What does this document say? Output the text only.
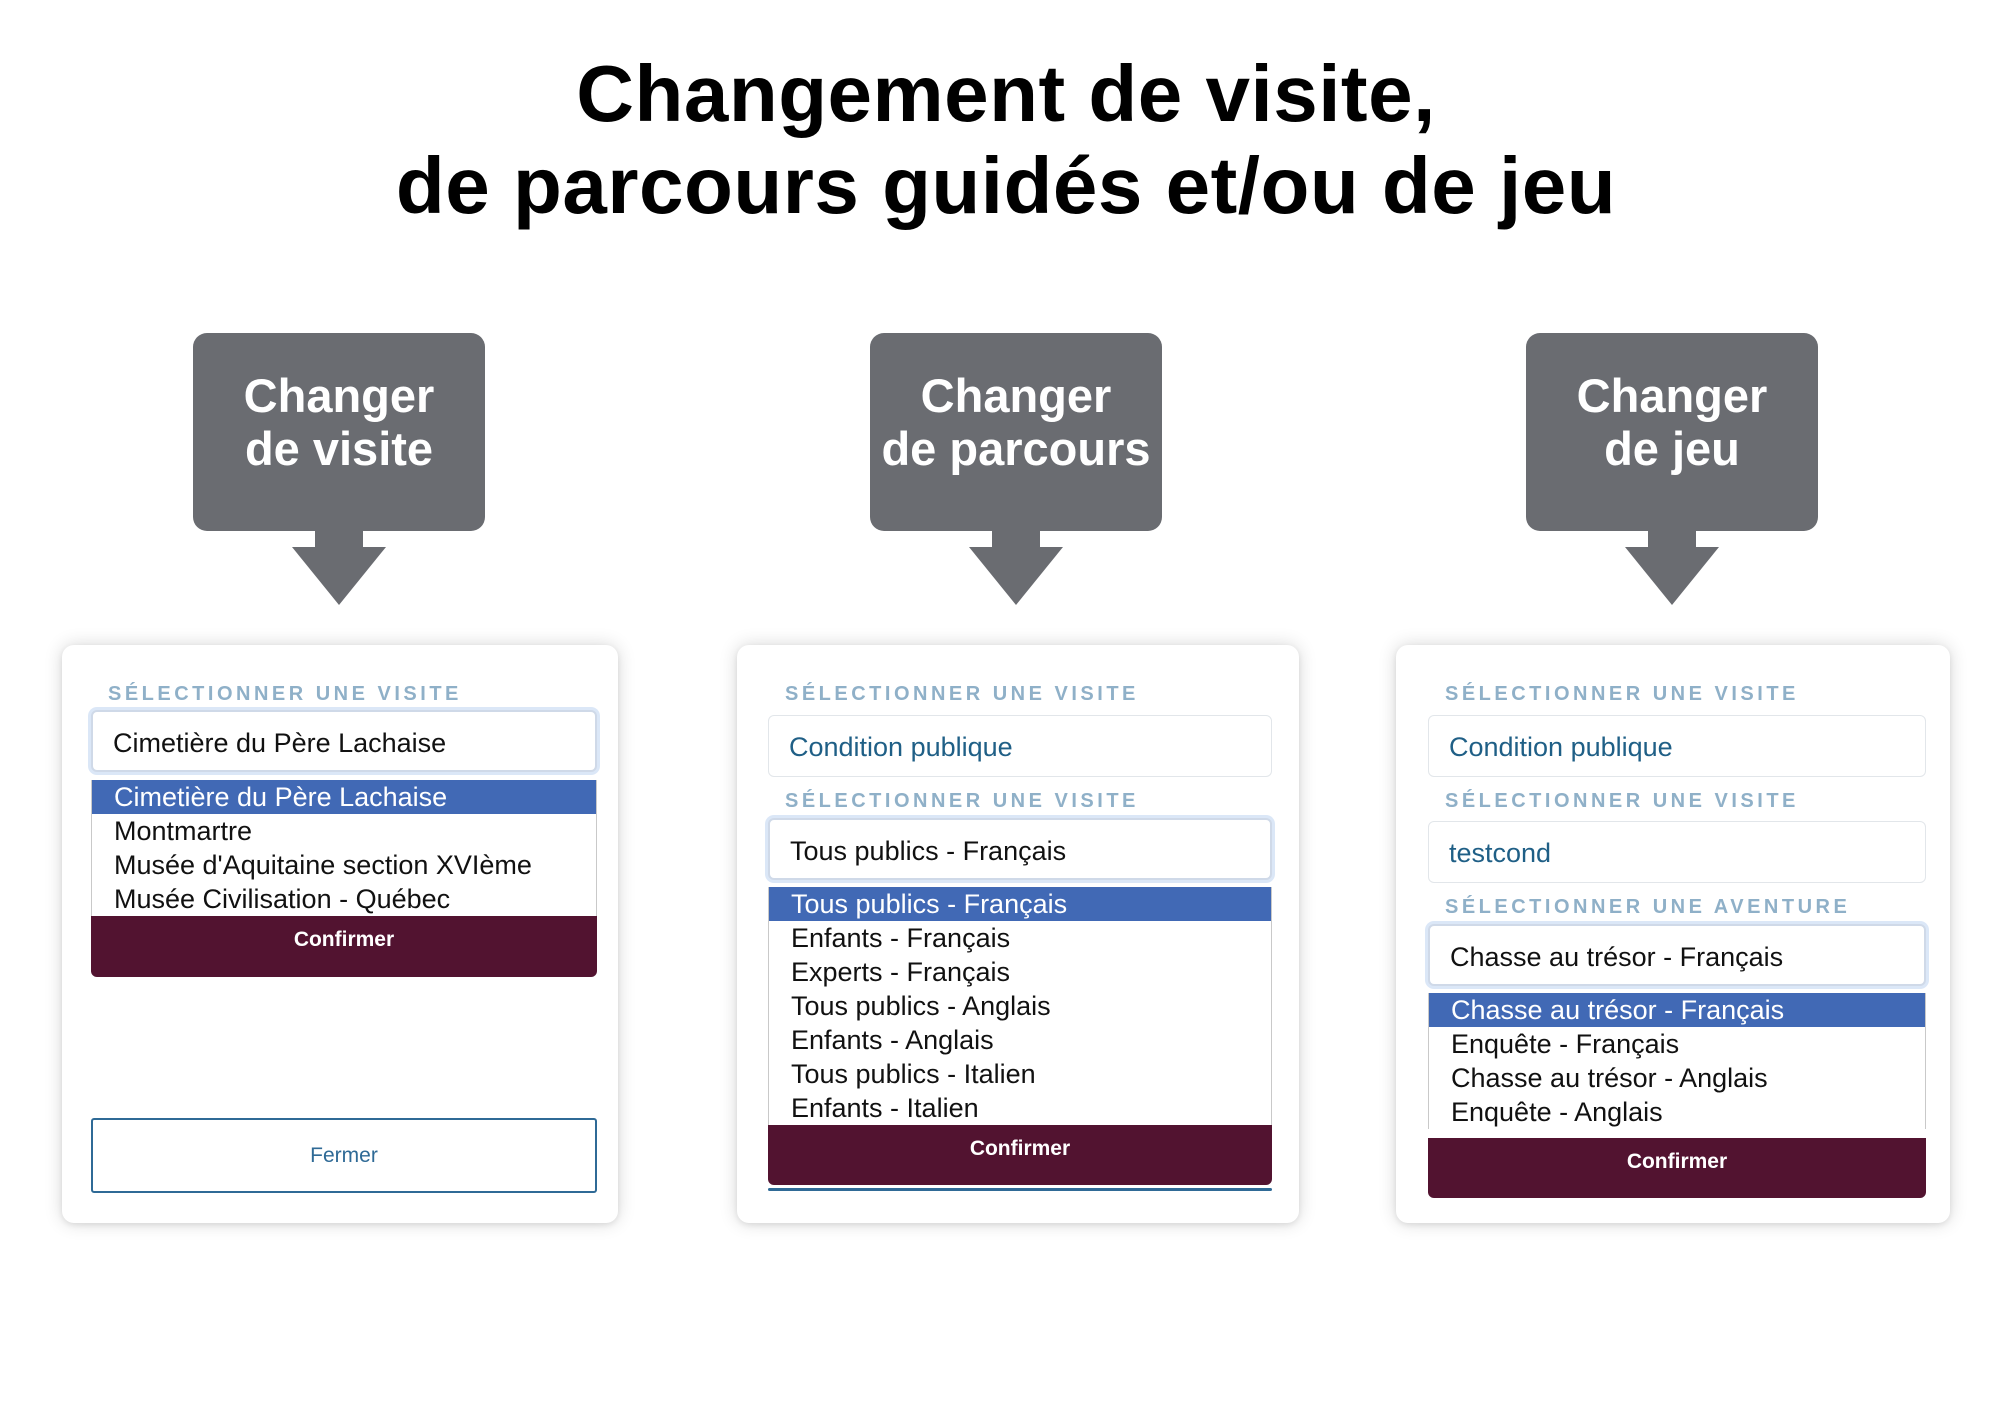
Changement de visite,
de parcours guidés et/ou de jeu
Changer
de visite
Changer
de parcours
Changer
de jeu
SÉLECTIONNER UNE VISITE
Cimetière du Père Lachaise
Cimetière du Père Lachaise
Montmartre
Musée d'Aquitaine section XVIème
Musée Civilisation - Québec
Confirmer
Fermer
SÉLECTIONNER UNE VISITE
Condition publique
SÉLECTIONNER UNE VISITE
Tous publics - Français
Tous publics - Français
Enfants - Français
Experts - Français
Tous publics - Anglais
Enfants - Anglais
Tous publics - Italien
Enfants - Italien
Confirmer
SÉLECTIONNER UNE VISITE
Condition publique
SÉLECTIONNER UNE VISITE
testcond
SÉLECTIONNER UNE AVENTURE
Chasse au trésor - Français
Chasse au trésor - Français
Enquête - Français
Chasse au trésor - Anglais
Enquête - Anglais
Confirmer
